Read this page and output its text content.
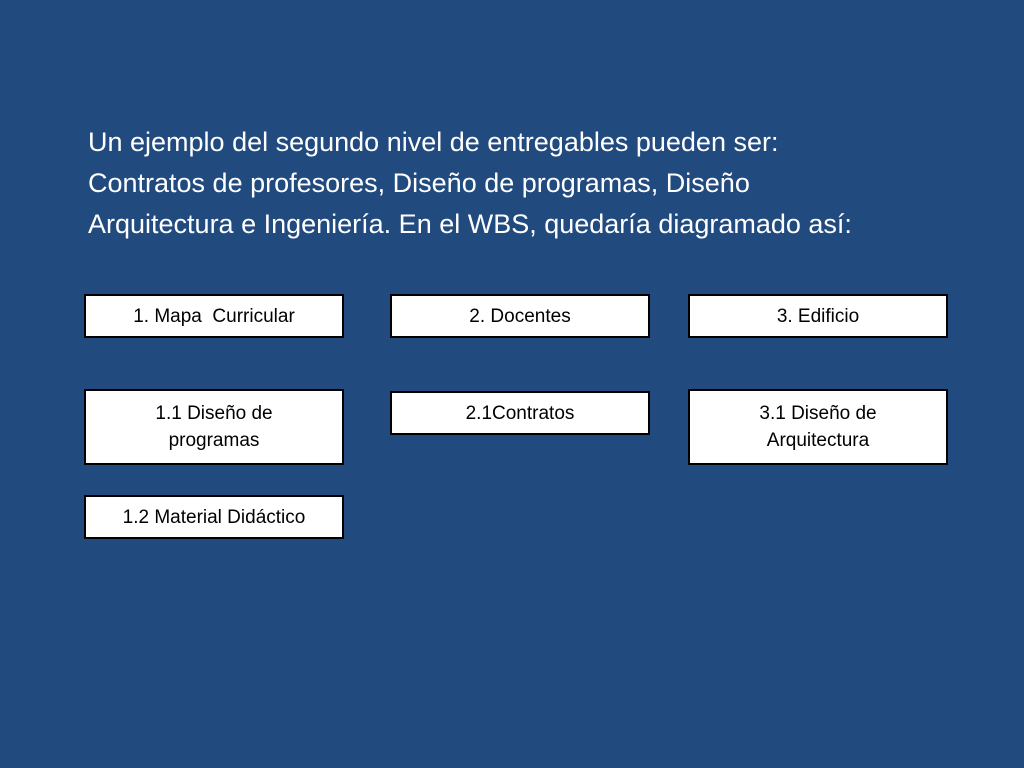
Un ejemplo del segundo nivel de entregables pueden ser:
Contratos de profesores, Diseño de programas, Diseño
Arquitectura e Ingeniería. En el WBS, quedaría diagramado así:
1. Mapa  Curricular	2. Docentes	3. Edificio
1.1 Diseño de
programas
2.1Contratos	3.1 Diseño de
Arquitectura
1.2 Material Didáctico
